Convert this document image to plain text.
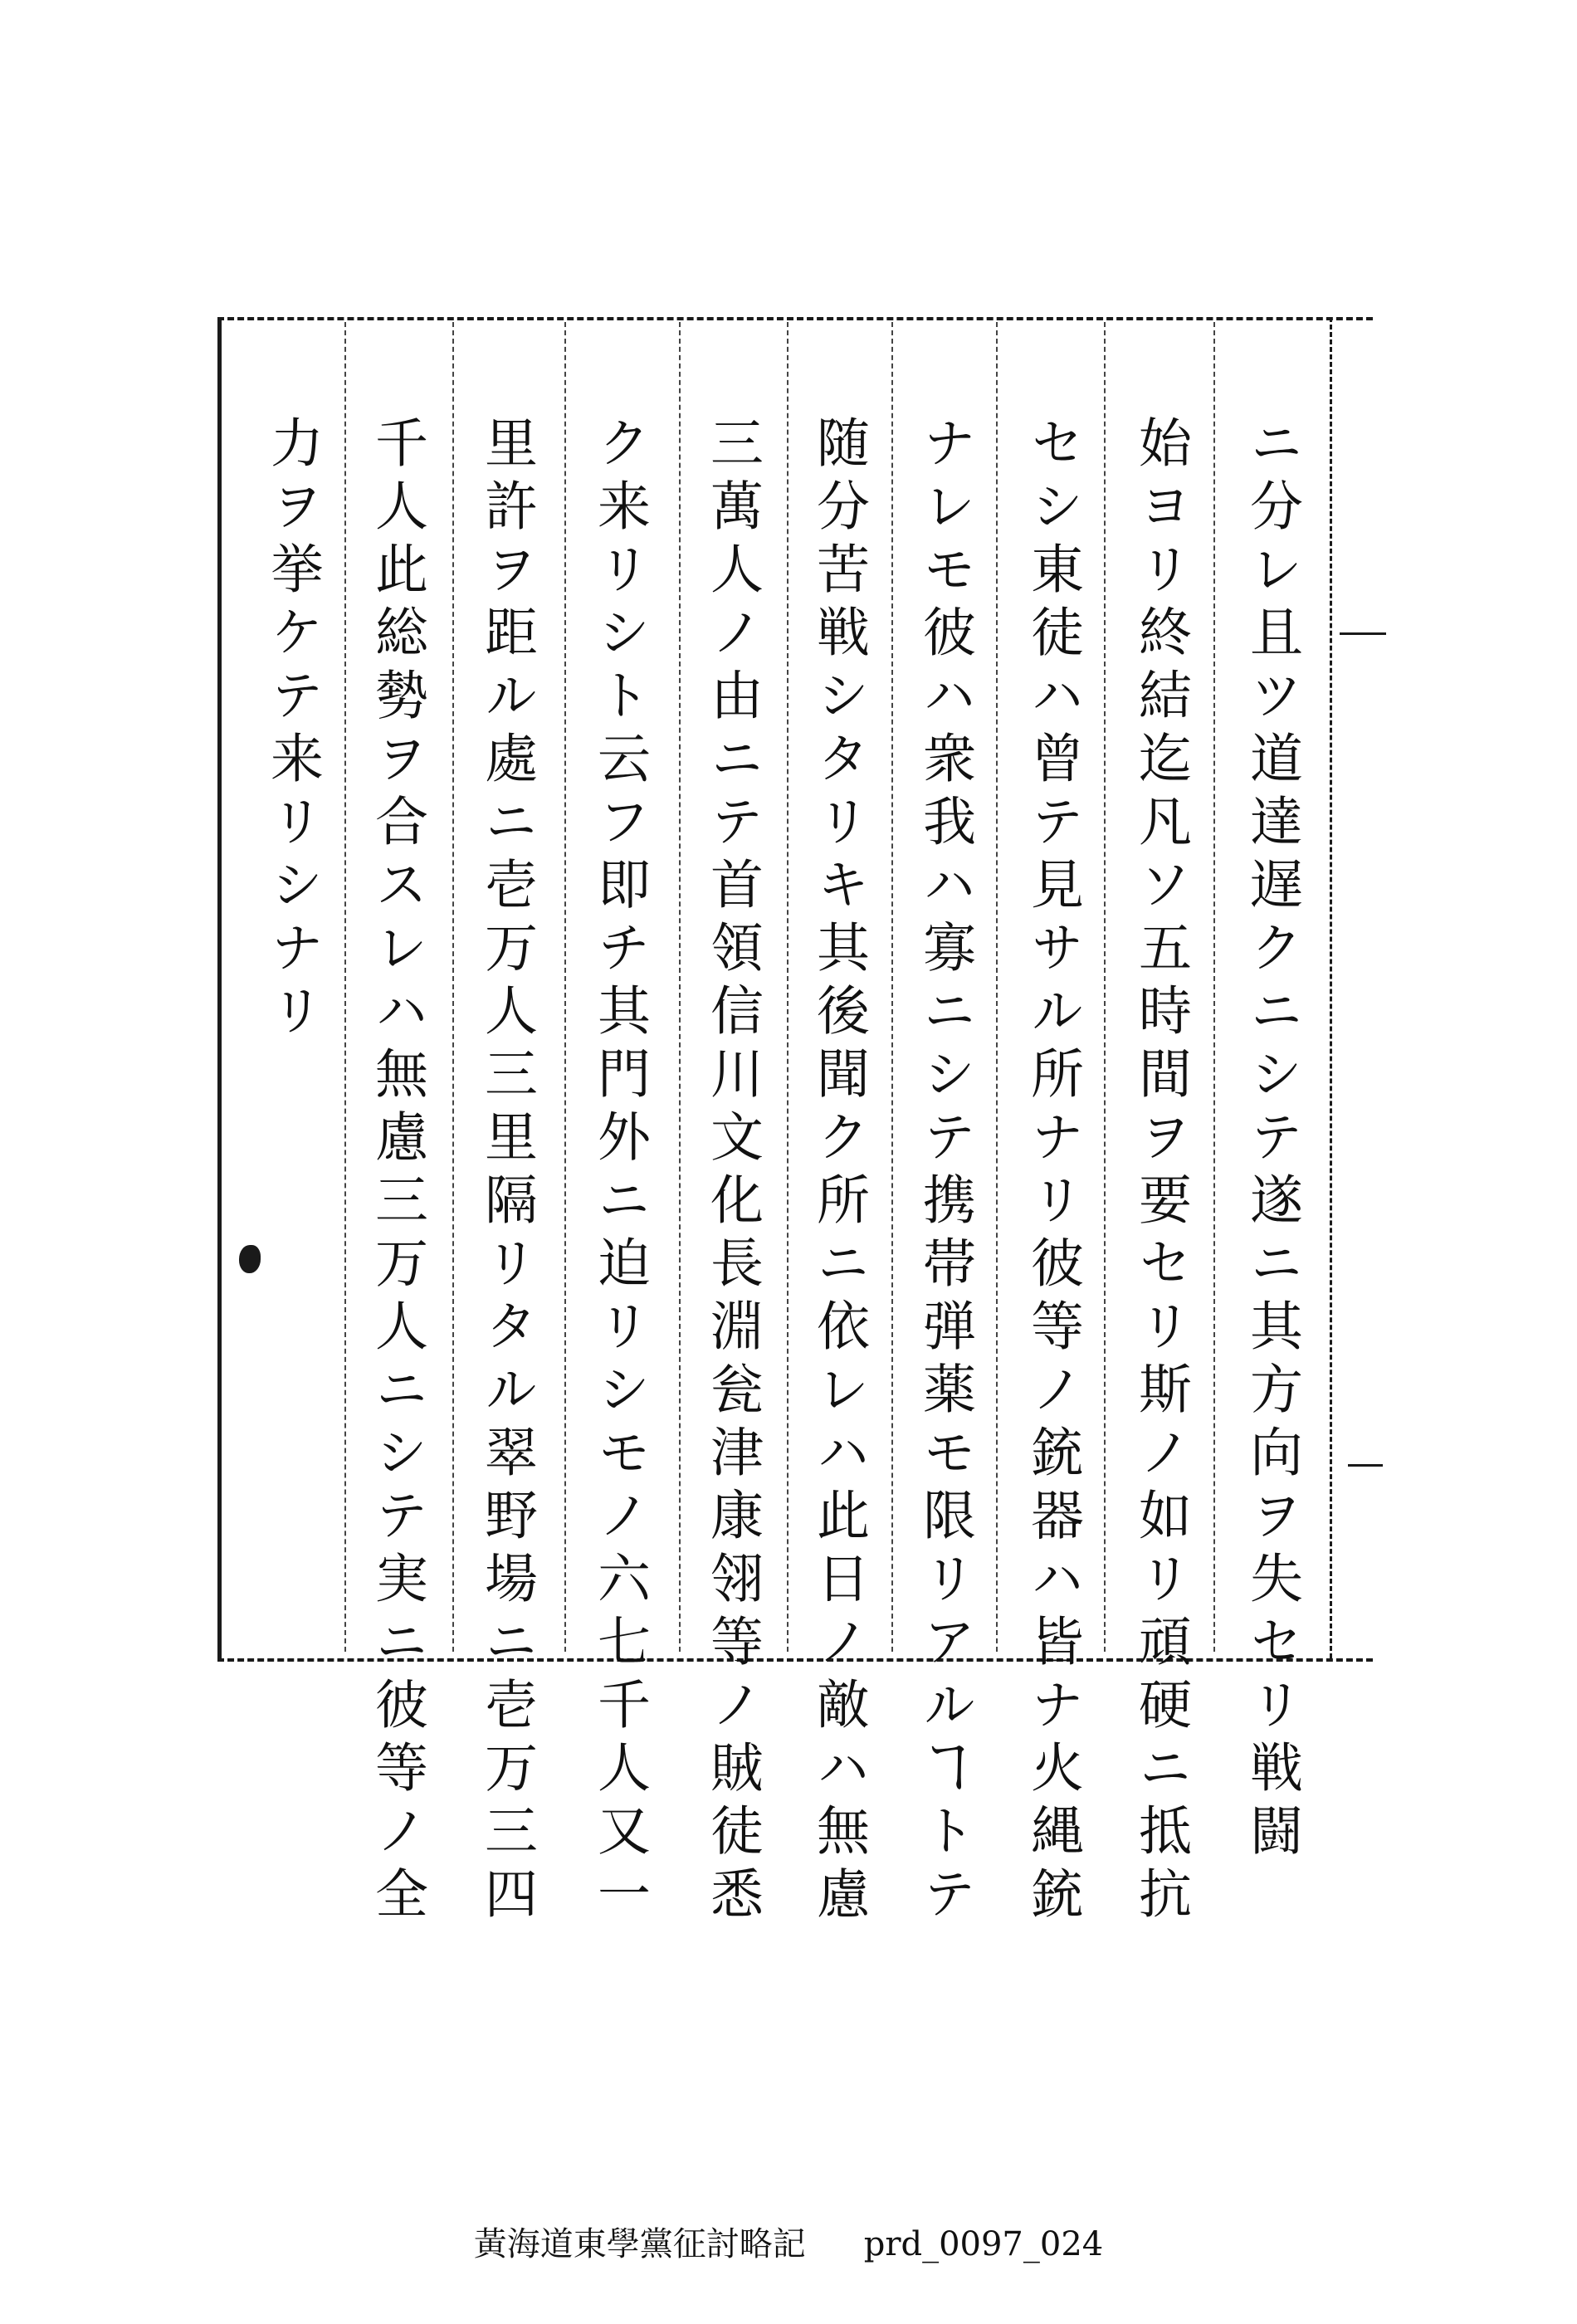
ニ分レ且ツ道達遅クニシテ遂ニ其方向ヲ失セリ戦闘
始ヨリ終結迄凡ソ五時間ヲ要セリ斯ノ如リ頑硬ニ抵抗
セシ東徒ハ曾テ見サル所ナリ彼等ノ銃器ハ皆ナ火縄銃
ナレモ彼ハ衆我ハ寡ニシテ携帯弾薬モ限リアルヿトテ
随分苦戦シタリキ其後聞ク所ニ依レハ此日ノ敵ハ無慮
三萬人ノ由ニテ首領信川文化長淵瓮津康翎等ノ賊徒悉
ク来リシト云フ即チ其門外ニ迫リシモノ六七千人又一
里許ヲ距ル處ニ壱万人三里隔リタル翠野場ニ壱万三四
千人此総勢ヲ合スレハ無慮三万人ニシテ実ニ彼等ノ全
力ヲ挙ケテ来リシナリ
黃海道東學黨征討略記 prd_0097_024
